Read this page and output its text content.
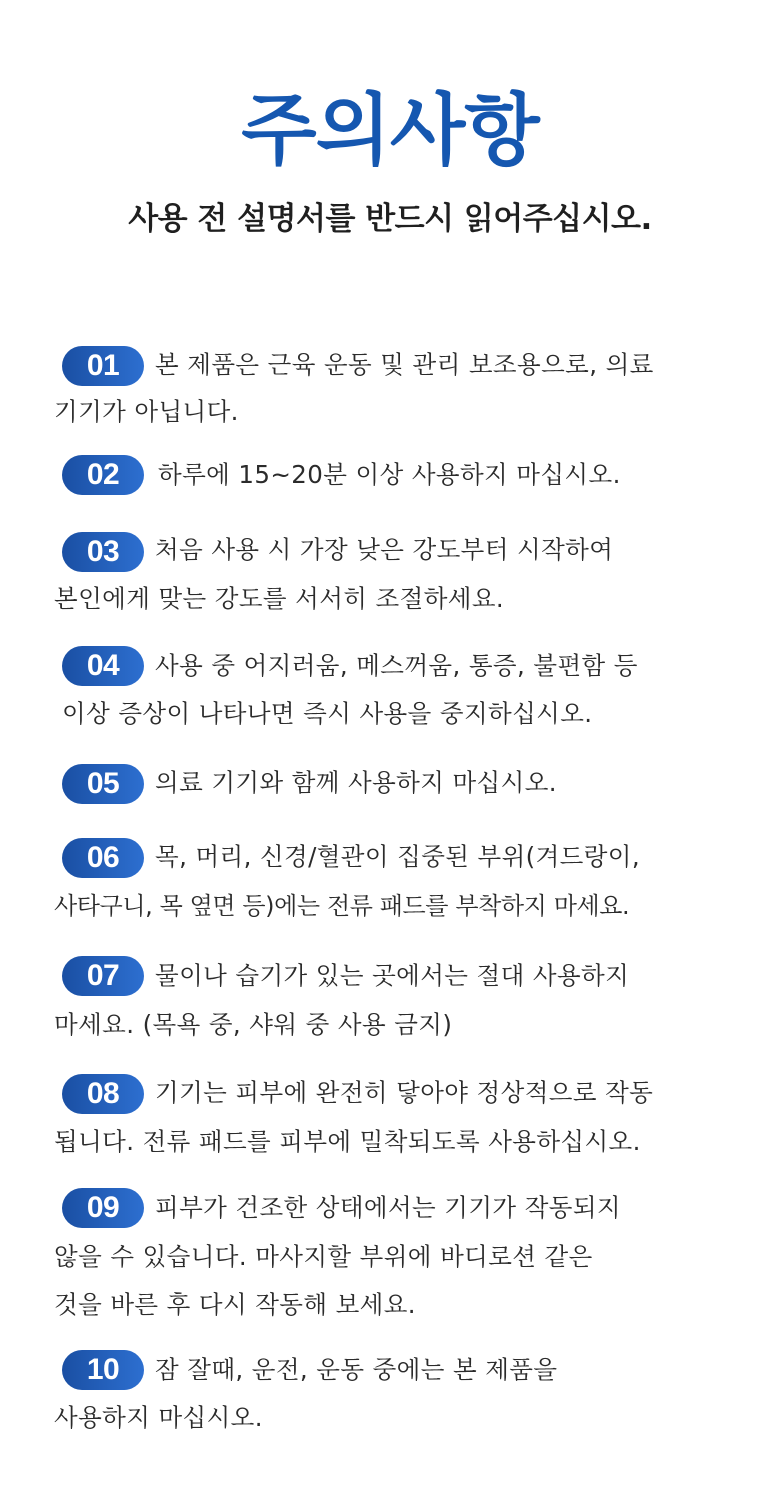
주의사항
사용 전 설명서를 반드시 읽어주십시오.
01	본 제품은 근육 운동 및 관리 보조용으로, 의료
기기가 아닙니다.
02	하루에 15~20분 이상 사용하지 마십시오.
03	처음 사용 시 가장 낮은 강도부터 시작하여
본인에게 맞는 강도를 서서히 조절하세요.
04	사용 중 어지러움, 메스꺼움, 통증, 불편함 등
이상 증상이 나타나면 즉시 사용을 중지하십시오.
05	의료 기기와 함께 사용하지 마십시오.
06	목, 머리, 신경/혈관이 집중된 부위(겨드랑이,
사타구니, 목 옆면 등)에는 전류 패드를 부착하지 마세요.
07	물이나 습기가 있는 곳에서는 절대 사용하지
마세요. (목욕 중, 샤워 중 사용 금지)
08	기기는 피부에 완전히 닿아야 정상적으로 작동
됩니다. 전류 패드를 피부에 밀착되도록 사용하십시오.
09	피부가 건조한 상태에서는 기기가 작동되지
않을 수 있습니다. 마사지할 부위에 바디로션 같은
것을 바른 후 다시 작동해 보세요.
10	잠 잘때, 운전, 운동 중에는 본 제품을
사용하지 마십시오.
